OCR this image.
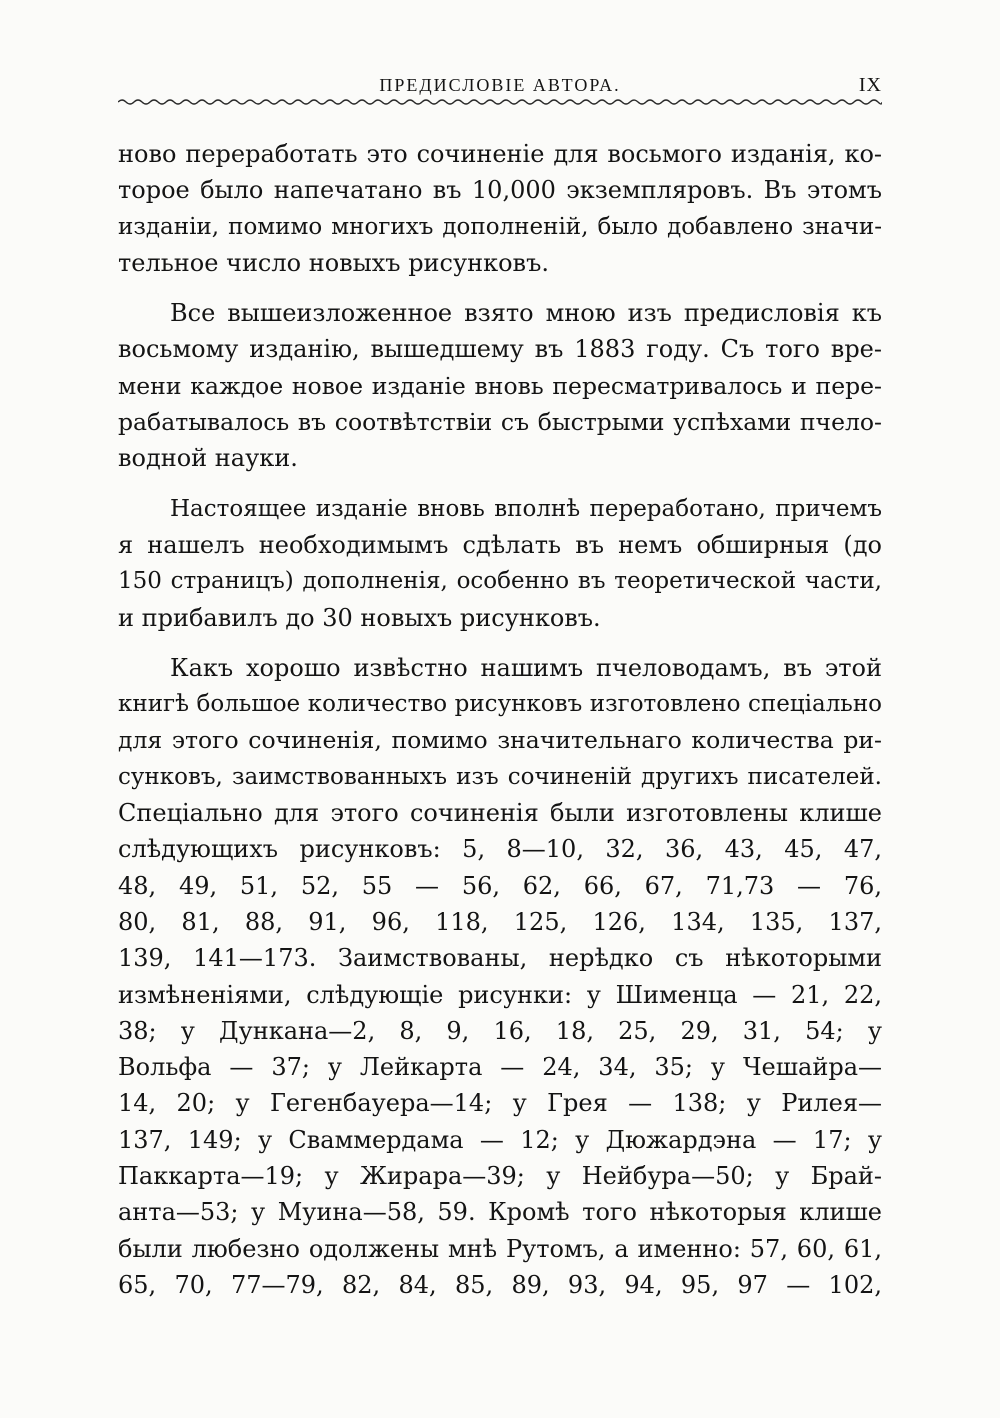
ПРЕДИСЛОВІЕ АВТОРА.	IX
ново переработать это сочиненіе для восьмого изданія, ко-
торое было напечатано въ 10,000 экземпляровъ. Въ этомъ
изданіи, помимо многихъ дополненій, было добавлено значи-
тельное число новыхъ рисунковъ.
Все вышеизложенное взято мною изъ предисловія къ
восьмому изданію, вышедшему въ 1883 году. Съ того вре-
мени каждое новое изданіе вновь пересматривалось и пере-
рабатывалось въ соотвѣтствіи съ быстрыми успѣхами пчело-
водной науки.
Настоящее изданіе вновь вполнѣ переработано, причемъ
я нашелъ необходимымъ сдѣлать въ немъ обширныя (до
150 страницъ) дополненія, особенно въ теоретической части,
и прибавилъ до 30 новыхъ рисунковъ.
Какъ хорошо извѣстно нашимъ пчеловодамъ, въ этой
книгѣ большое количество рисунковъ изготовлено спеціально
для этого сочиненія, помимо значительнаго количества ри-
сунковъ, заимствованныхъ изъ сочиненій другихъ писателей.
Спеціально для этого сочиненія были изготовлены клише
слѣдующихъ рисунковъ: 5, 8—10, 32, 36, 43, 45, 47,
48, 49, 51, 52, 55 — 56, 62, 66, 67, 71,73 — 76,
80, 81, 88, 91, 96, 118, 125, 126, 134, 135, 137,
139, 141—173. Заимствованы, нерѣдко съ нѣкоторыми
измѣненіями, слѣдующіе рисунки: у Шименца — 21, 22,
38; у Дункана—2, 8, 9, 16, 18, 25, 29, 31, 54; у
Вольфа — 37; у Лейкарта — 24, 34, 35; у Чешайра—
14, 20; у Гегенбауера—14; у Грея — 138; у Рилея—
137, 149; у Сваммердама — 12; у Дюжардэна — 17; у
Паккарта—19; у Жирара—39; у Нейбура—50; у Брай-
анта—53; у Муина—58, 59. Кромѣ того нѣкоторыя клише
были любезно одолжены мнѣ Рутомъ, а именно: 57, 60, 61,
65, 70, 77—79, 82, 84, 85, 89, 93, 94, 95, 97 — 102,
